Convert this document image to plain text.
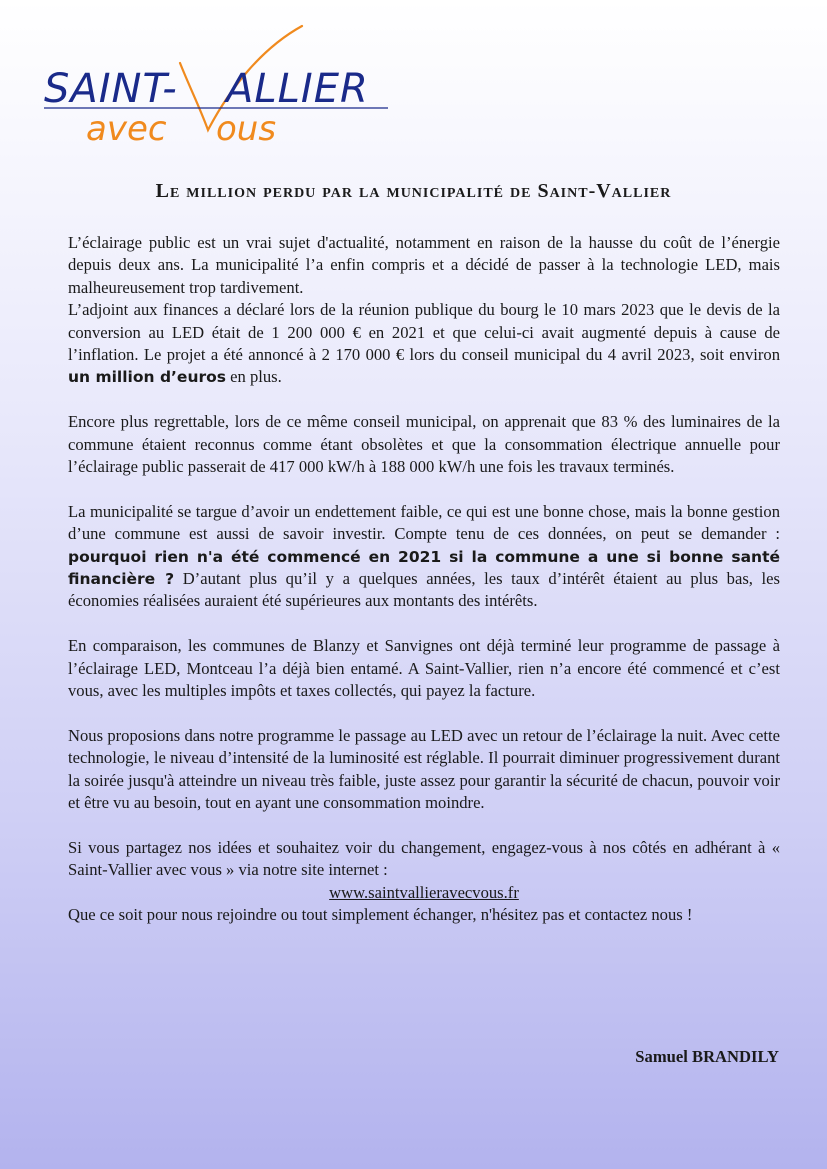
SAINT- ALLIER
avec ous
Le million perdu par la municipalité de Saint-Vallier

L’éclairage public est un vrai sujet d'actualité, notamment en raison de la hausse du coût de l’énergie depuis deux ans. La municipalité l’a enfin compris et a décidé de passer à la technologie LED, mais malheureusement trop tardivement.

L’adjoint aux finances a déclaré lors de la réunion publique du bourg le 10 mars 2023 que le devis de la conversion au LED était de 1 200 000 € en 2021 et que celui-ci avait augmenté depuis à cause de l’inflation. Le projet a été annoncé à 2 170 000 € lors du conseil municipal du 4 avril 2023, soit environ un million d’euros en plus.

Encore plus regrettable, lors de ce même conseil municipal, on apprenait que 83 % des luminaires de la commune étaient reconnus comme étant obsolètes et que la consommation électrique annuelle pour l’éclairage public passerait de 417 000 kW/h à 188 000 kW/h une fois les travaux terminés.

La municipalité se targue d’avoir un endettement faible, ce qui est une bonne chose, mais la bonne gestion d’une commune est aussi de savoir investir. Compte tenu de ces données, on peut se demander : pourquoi rien n'a été commencé en 2021 si la commune a une si bonne santé financière ? D’autant plus qu’il y a quelques années, les taux d’intérêt étaient au plus bas, les économies réalisées auraient été supérieures aux montants des intérêts.

En comparaison, les communes de Blanzy et Sanvignes ont déjà terminé leur programme de passage à l’éclairage LED, Montceau l’a déjà bien entamé. A Saint-Vallier, rien n’a encore été commencé et c’est vous, avec les multiples impôts et taxes collectés, qui payez la facture.

Nous proposions dans notre programme le passage au LED avec un retour de l’éclairage la nuit. Avec cette technologie, le niveau d’intensité de la luminosité est réglable. Il pourrait diminuer progressivement durant la soirée jusqu'à atteindre un niveau très faible, juste assez pour garantir la sécurité de chacun, pouvoir voir et être vu au besoin, tout en ayant une consommation moindre.

Si vous partagez nos idées et souhaitez voir du changement, engagez-vous à nos côtés en adhérant à « Saint-Vallier avec vous » via notre site internet :

www.saintvallieravecvous.fr

Que ce soit pour nous rejoindre ou tout simplement échanger, n'hésitez pas et contactez nous !

Samuel BRANDILY
